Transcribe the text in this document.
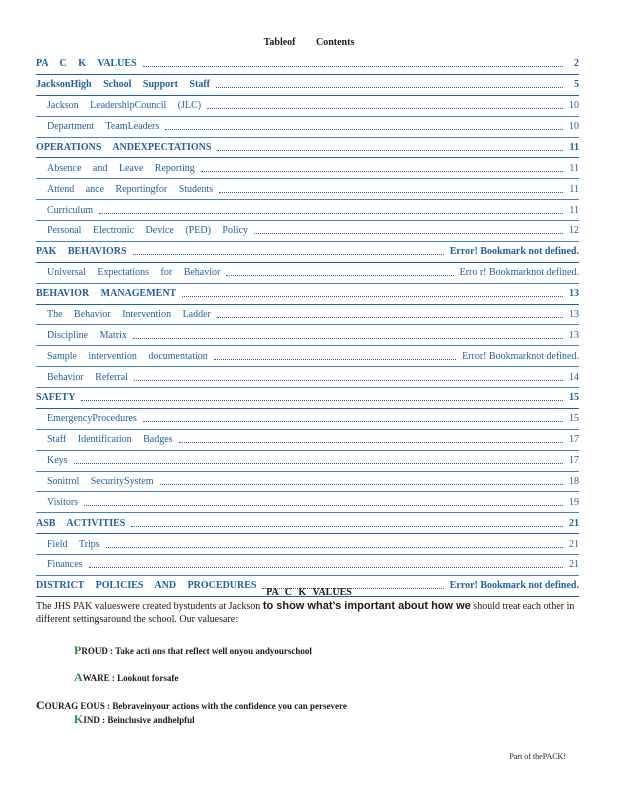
Tableof Contents
PA C K VALUES	2
JacksonHigh School Support Staff	5
Jackson LeadershipCouncil (JLC)	10
Department TeamLeaders	10
OPERATIONS ANDEXPECTATIONS	11
Absence and Leave Reporting	11
Attend ance Reportingfor Students	11
Curriculum	11
Personal Electronic Device (PED) Policy	12
PAK BEHAVIORS	Error! Bookmark not defined.
Universal Expectations for Behavior	Erro r! Bookmarknot defined.
BEHAVIOR MANAGEMENT	13
The Behavior Intervention Ladder	13
Discipline Matrix	13
Sample intervention documentation	Error! Bookmarknot defined.
Behavior Referral	14
SAFETY	15
EmergencyProcedures	15
Staff Identification Badges	17
Keys	17
Sonitrol SecuritySystem	18
Visitors	19
ASB ACTIVITIES	21
Field Trips	21
Finances	21
DISTRICT POLICIES AND PROCEDURES	Error! Bookmark not defined.
PA C K VALUES
The JHS PAK valueswere created bystudents at Jackson to show what’s important about how we should treat each other in different settingsaround the school. Our valuesare:
PROUD : Take acti ons that reflect well onyou andyourschool
AWARE : Lookout forsafe
COURAG EOUS : Bebraveinyour actions with the confidence you can persevere
KIND : Beinclusive andhelpful
Part of thePACK!
